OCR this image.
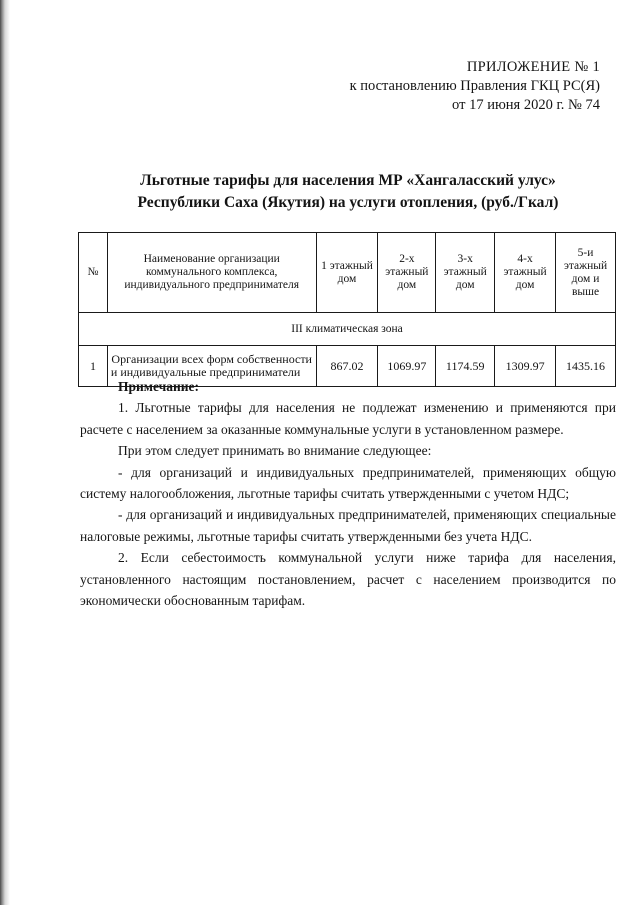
ПРИЛОЖЕНИЕ № 1
к постановлению Правления ГКЦ РС(Я)
от 17 июня 2020 г. № 74
Льготные тарифы для населения МР «Хангаласский улус»
Республики Саха (Якутия) на услуги отопления, (руб./Гкал)
№	Наименование организации коммунального комплекса, индивидуального предпринимателя	1 этажный дом	2-х этажный дом	3-х этажный дом	4-х этажный дом	5-и этажный дом и выше
III климатическая зона						
1	Организации всех форм собственности и индивидуальные предприниматели	867.02	1069.97	1174.59	1309.97	1435.16
Примечание:

1. Льготные тарифы для населения не подлежат изменению и применяются при расчете с населением за оказанные коммунальные услуги в установленном размере.

При этом следует принимать во внимание следующее:

- для организаций и индивидуальных предпринимателей, применяющих общую систему налогообложения, льготные тарифы считать утвержденными с учетом НДС;

- для организаций и индивидуальных предпринимателей, применяющих специальные налоговые режимы, льготные тарифы считать утвержденными без учета НДС.

2. Если себестоимость коммунальной услуги ниже тарифа для населения, установленного настоящим постановлением, расчет с населением производится по экономически обоснованным тарифам.
